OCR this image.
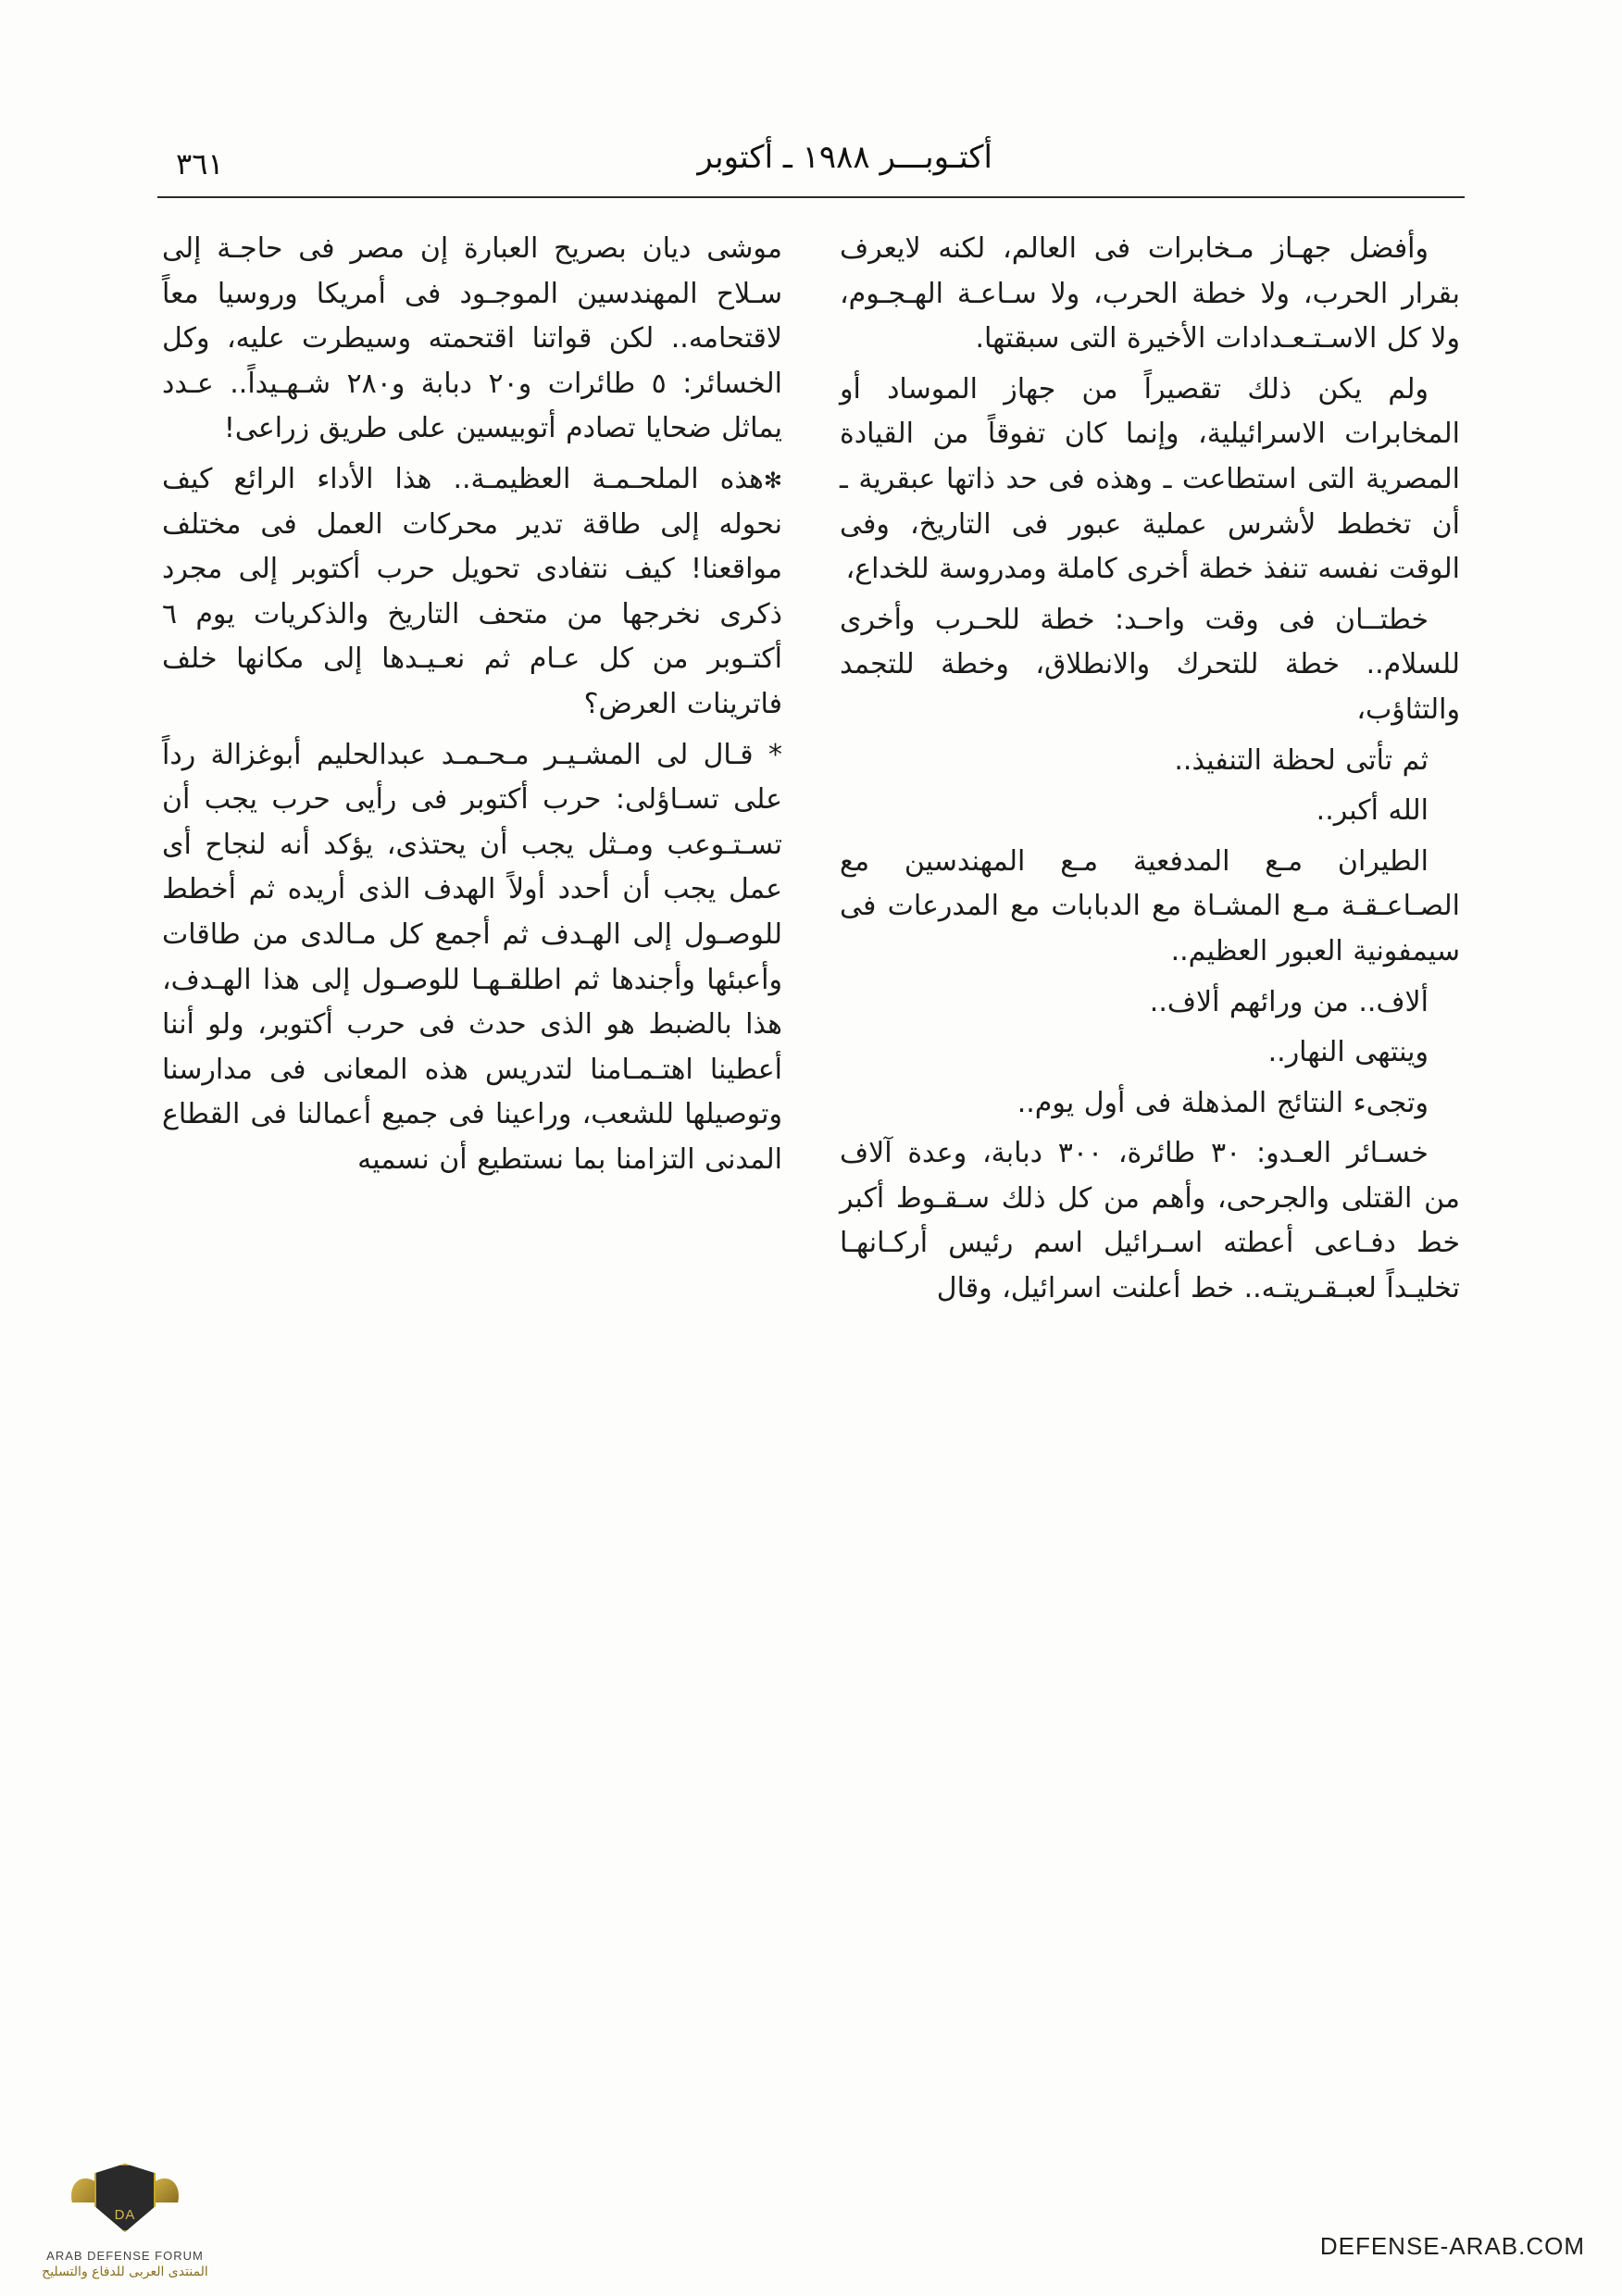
أكتـوبـــر ١٩٨٨ ـ أكتوبر
٣٦١

وأفضل جهـاز مـخابرات فى العالم، لكنه لايعرف بقرار الحرب، ولا خطة الحرب، ولا سـاعـة الهـجـوم، ولا كل الاسـتـعـدادات الأخيرة التى سبقتها.

ولم يكن ذلك تقصيراً من جهاز الموساد أو المخابرات الاسرائيلية، وإنما كان تفوقاً من القيادة المصرية التى استطاعت ـ وهذه فى حد ذاتها عبقرية ـ أن تخطط لأشرس عملية عبور فى التاريخ، وفى الوقت نفسه تنفذ خطة أخرى كاملة ومدروسة للخداع،

خطتــان فى وقت واحـد: خطة للحـرب وأخرى للسلام.. خطة للتحرك والانطلاق، وخطة للتجمد والتثاؤب،

ثم تأتى لحظة التنفيذ..

الله أكبر..

الطيران مـع المدفعية مـع المهندسين مع الصـاعـقـة مـع المشـاة مع الدبابات مع المدرعات فى سيمفونية العبور العظيم..

ألاف.. من ورائهم ألاف..

وينتهى النهار..

وتجىء النتائج المذهلة فى أول يوم..

خسـائر العـدو: ٣٠ طائرة، ٣٠٠ دبابة، وعدة آلاف من القتلى والجرحى، وأهم من كل ذلك سـقـوط أكبر خط دفـاعى أعطته اسـرائيل اسم رئيس أركـانهـا تخليـداً لعبـقـريتـه.. خط أعلنت اسرائيل، وقال

موشى ديان بصريح العبارة إن مصر فى حاجـة إلى سـلاح المهندسين الموجـود فى أمريكا وروسيا معاً لاقتحامه.. لكن قواتنا اقتحمته وسيطرت عليه، وكل الخسائر: ٥ طائرات و٢٠ دبابة و٢٨٠ شـهـيداً.. عـدد يماثل ضحايا تصادم أتوبيسين على طريق زراعى!

✻ هذه الملحـمـة العظيمـة.. هذا الأداء الرائع كيف نحوله إلى طاقة تدير محركات العمل فى مختلف مواقعنا! كيف نتفادى تحويل حرب أكتوبر إلى مجرد ذكرى نخرجها من متحف التاريخ والذكريات يوم ٦ أكتـوبر من كل عـام ثم نعـيـدها إلى مكانها خلف فاترينات العرض؟

* قـال لى المشـيـر مـحـمـد عبدالحليم أبوغزالة رداً على تسـاؤلى: حرب أكتوبر فى رأيى حرب يجب أن تسـتـوعب ومـثل يجب أن يحتذى، يؤكد أنه لنجاح أى عمل يجب أن أحدد أولاً الهدف الذى أريده ثم أخطط للوصـول إلى الهـدف ثم أجمع كل مـالدى من طاقات وأعبئها وأجندها ثم اطلقـهـا للوصـول إلى هذا الهـدف، هذا بالضبط هو الذى حدث فى حرب أكتوبر، ولو أننا أعطينا اهتـمـامنا لتدريس هذه المعانى فى مدارسنا وتوصيلها للشعب، وراعينا فى جميع أعمالنا فى القطاع المدنى التزامنا بما نستطيع أن نسميه

DA
ARAB DEFENSE FORUM
المنتدى العربى للدفاع والتسليح
DEFENSE-ARAB.COM
